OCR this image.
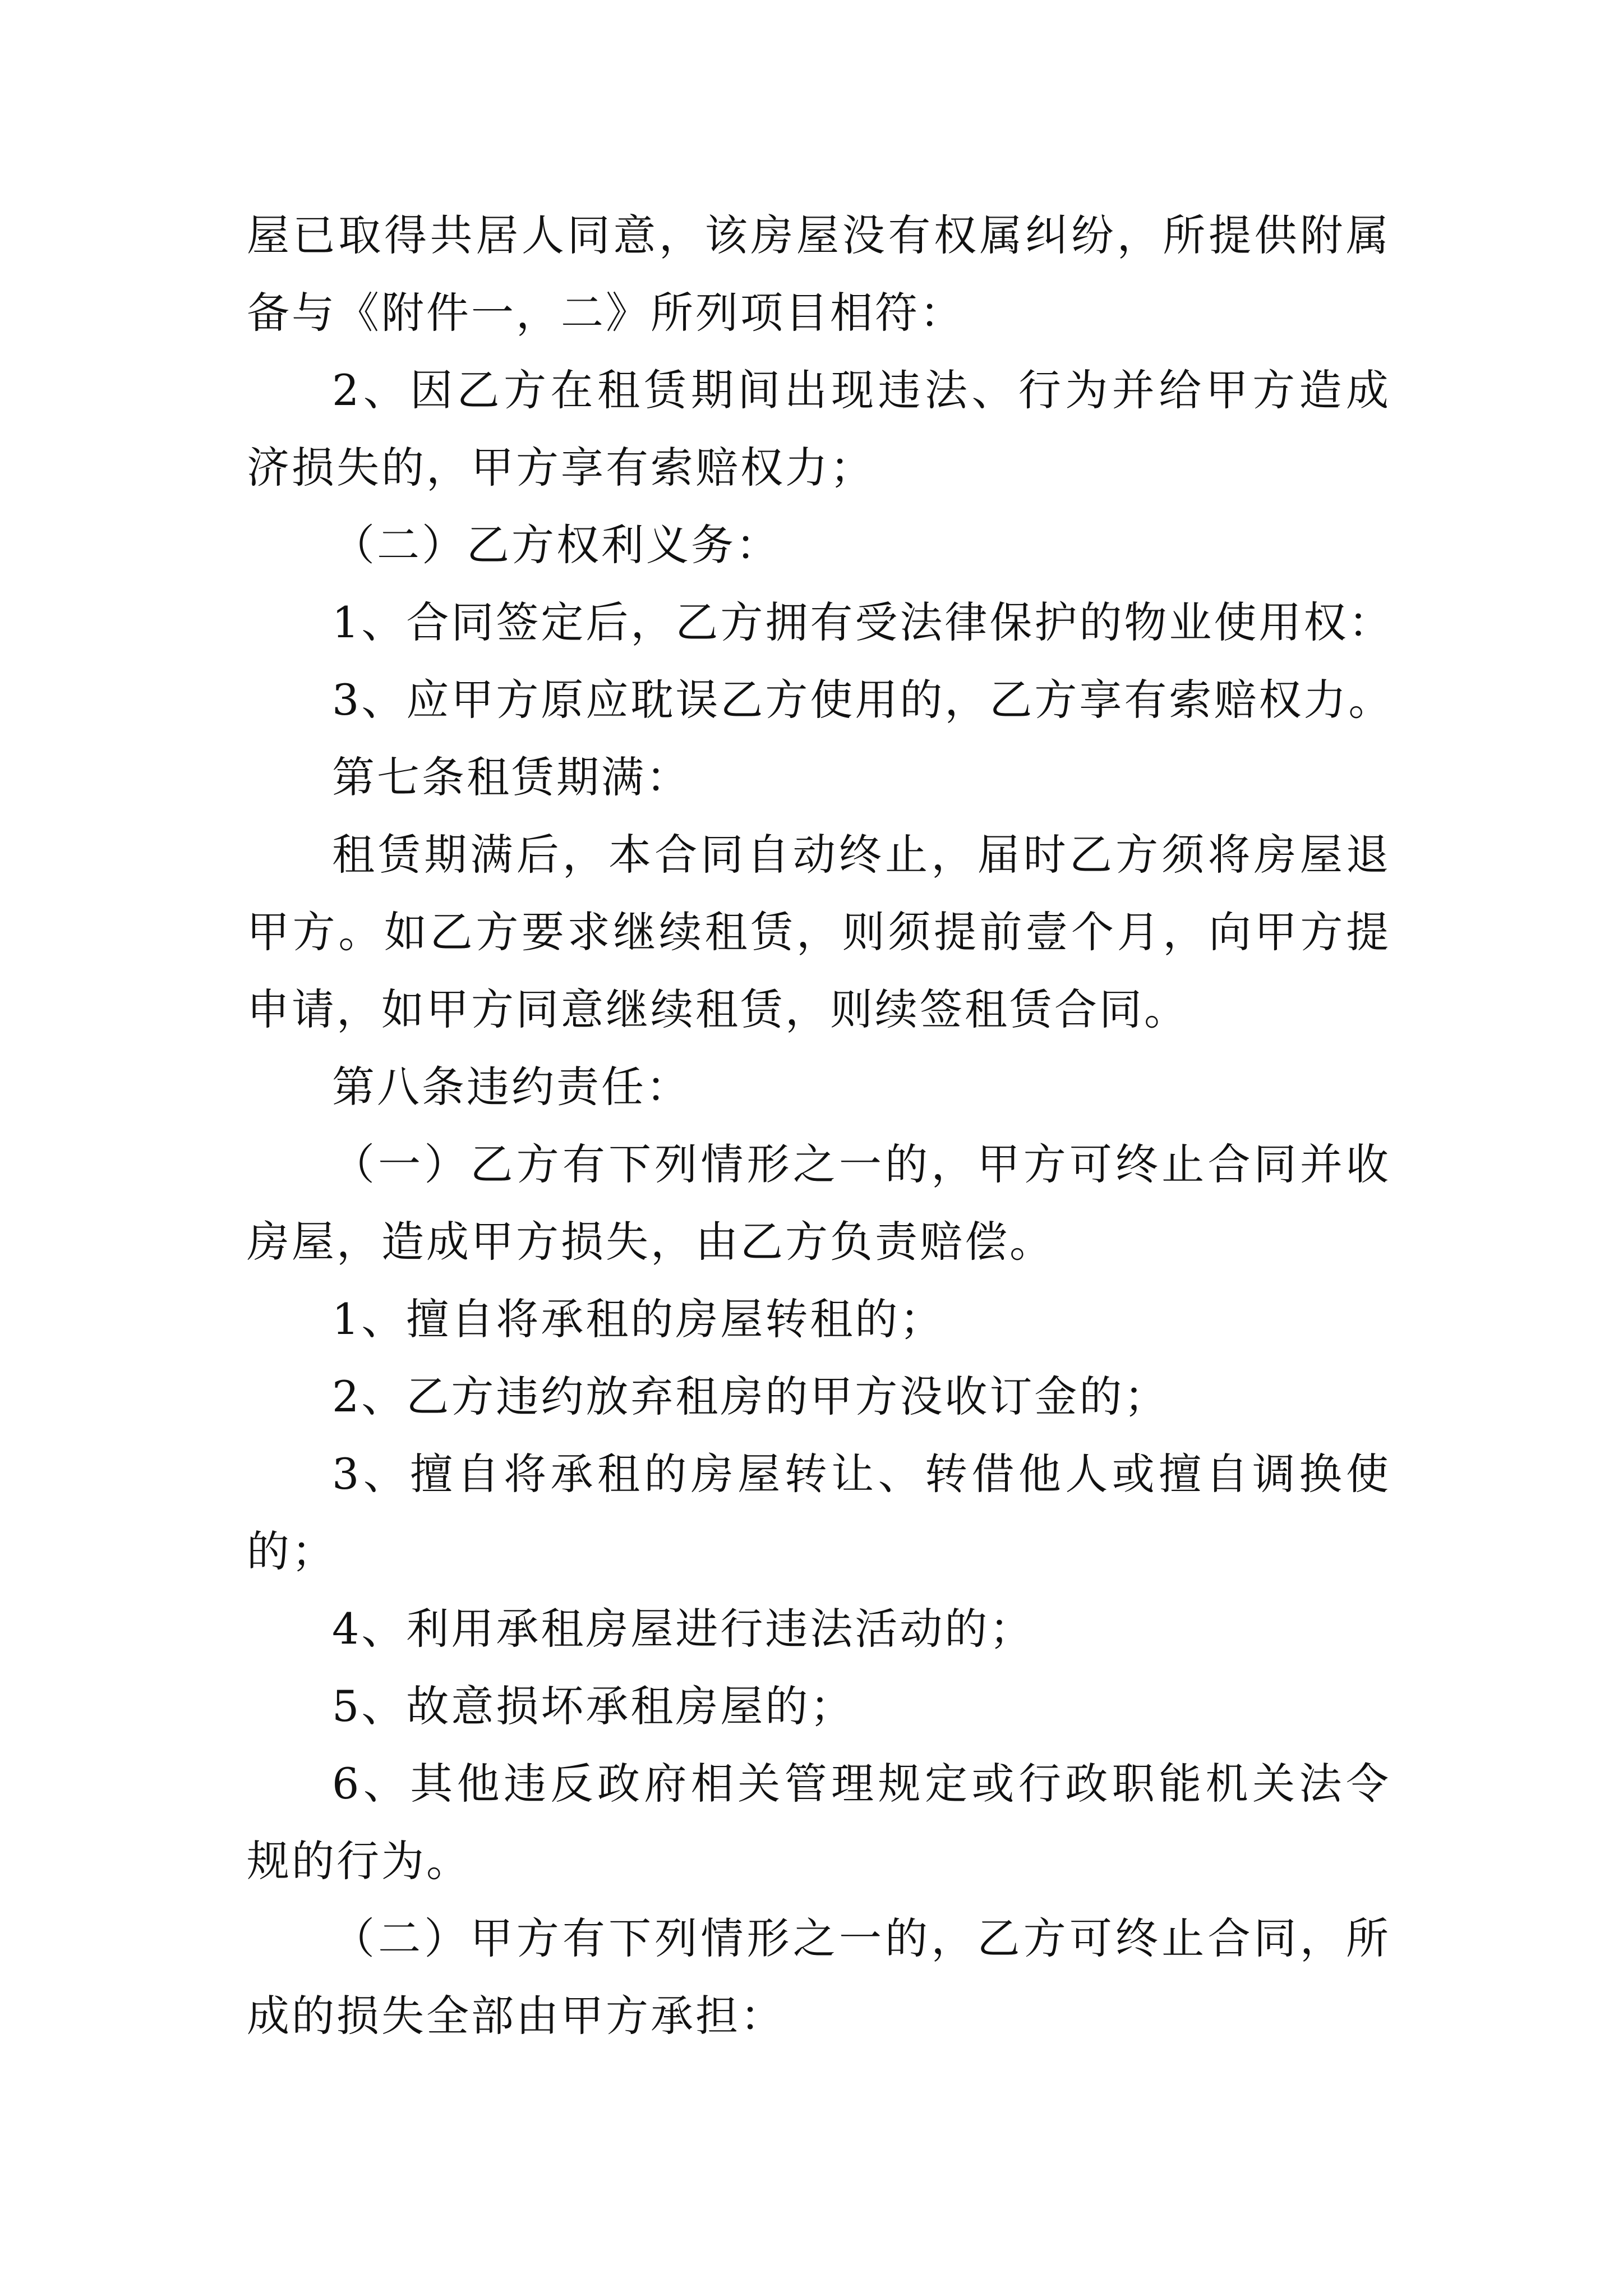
屋已取得共居人同意，该房屋没有权属纠纷，所提供附属
备与《附件一，二》所列项目相符：
2、因乙方在租赁期间出现违法、行为并给甲方造成
济损失的，甲方享有索赔权力；
（二）乙方权利义务：
1、合同签定后，乙方拥有受法律保护的物业使用权：
3、应甲方原应耽误乙方使用的，乙方享有索赔权力。
第七条租赁期满：
租赁期满后，本合同自动终止，届时乙方须将房屋退
甲方。如乙方要求继续租赁，则须提前壹个月，向甲方提
申请，如甲方同意继续租赁，则续签租赁合同。
第八条违约责任：
（一）乙方有下列情形之一的，甲方可终止合同并收
房屋，造成甲方损失，由乙方负责赔偿。
1、擅自将承租的房屋转租的；
2、乙方违约放弃租房的甲方没收订金的；
3、擅自将承租的房屋转让、转借他人或擅自调换使
的；
4、利用承租房屋进行违法活动的；
5、故意损坏承租房屋的；
6、其他违反政府相关管理规定或行政职能机关法令
规的行为。
（二）甲方有下列情形之一的，乙方可终止合同，所
成的损失全部由甲方承担：
